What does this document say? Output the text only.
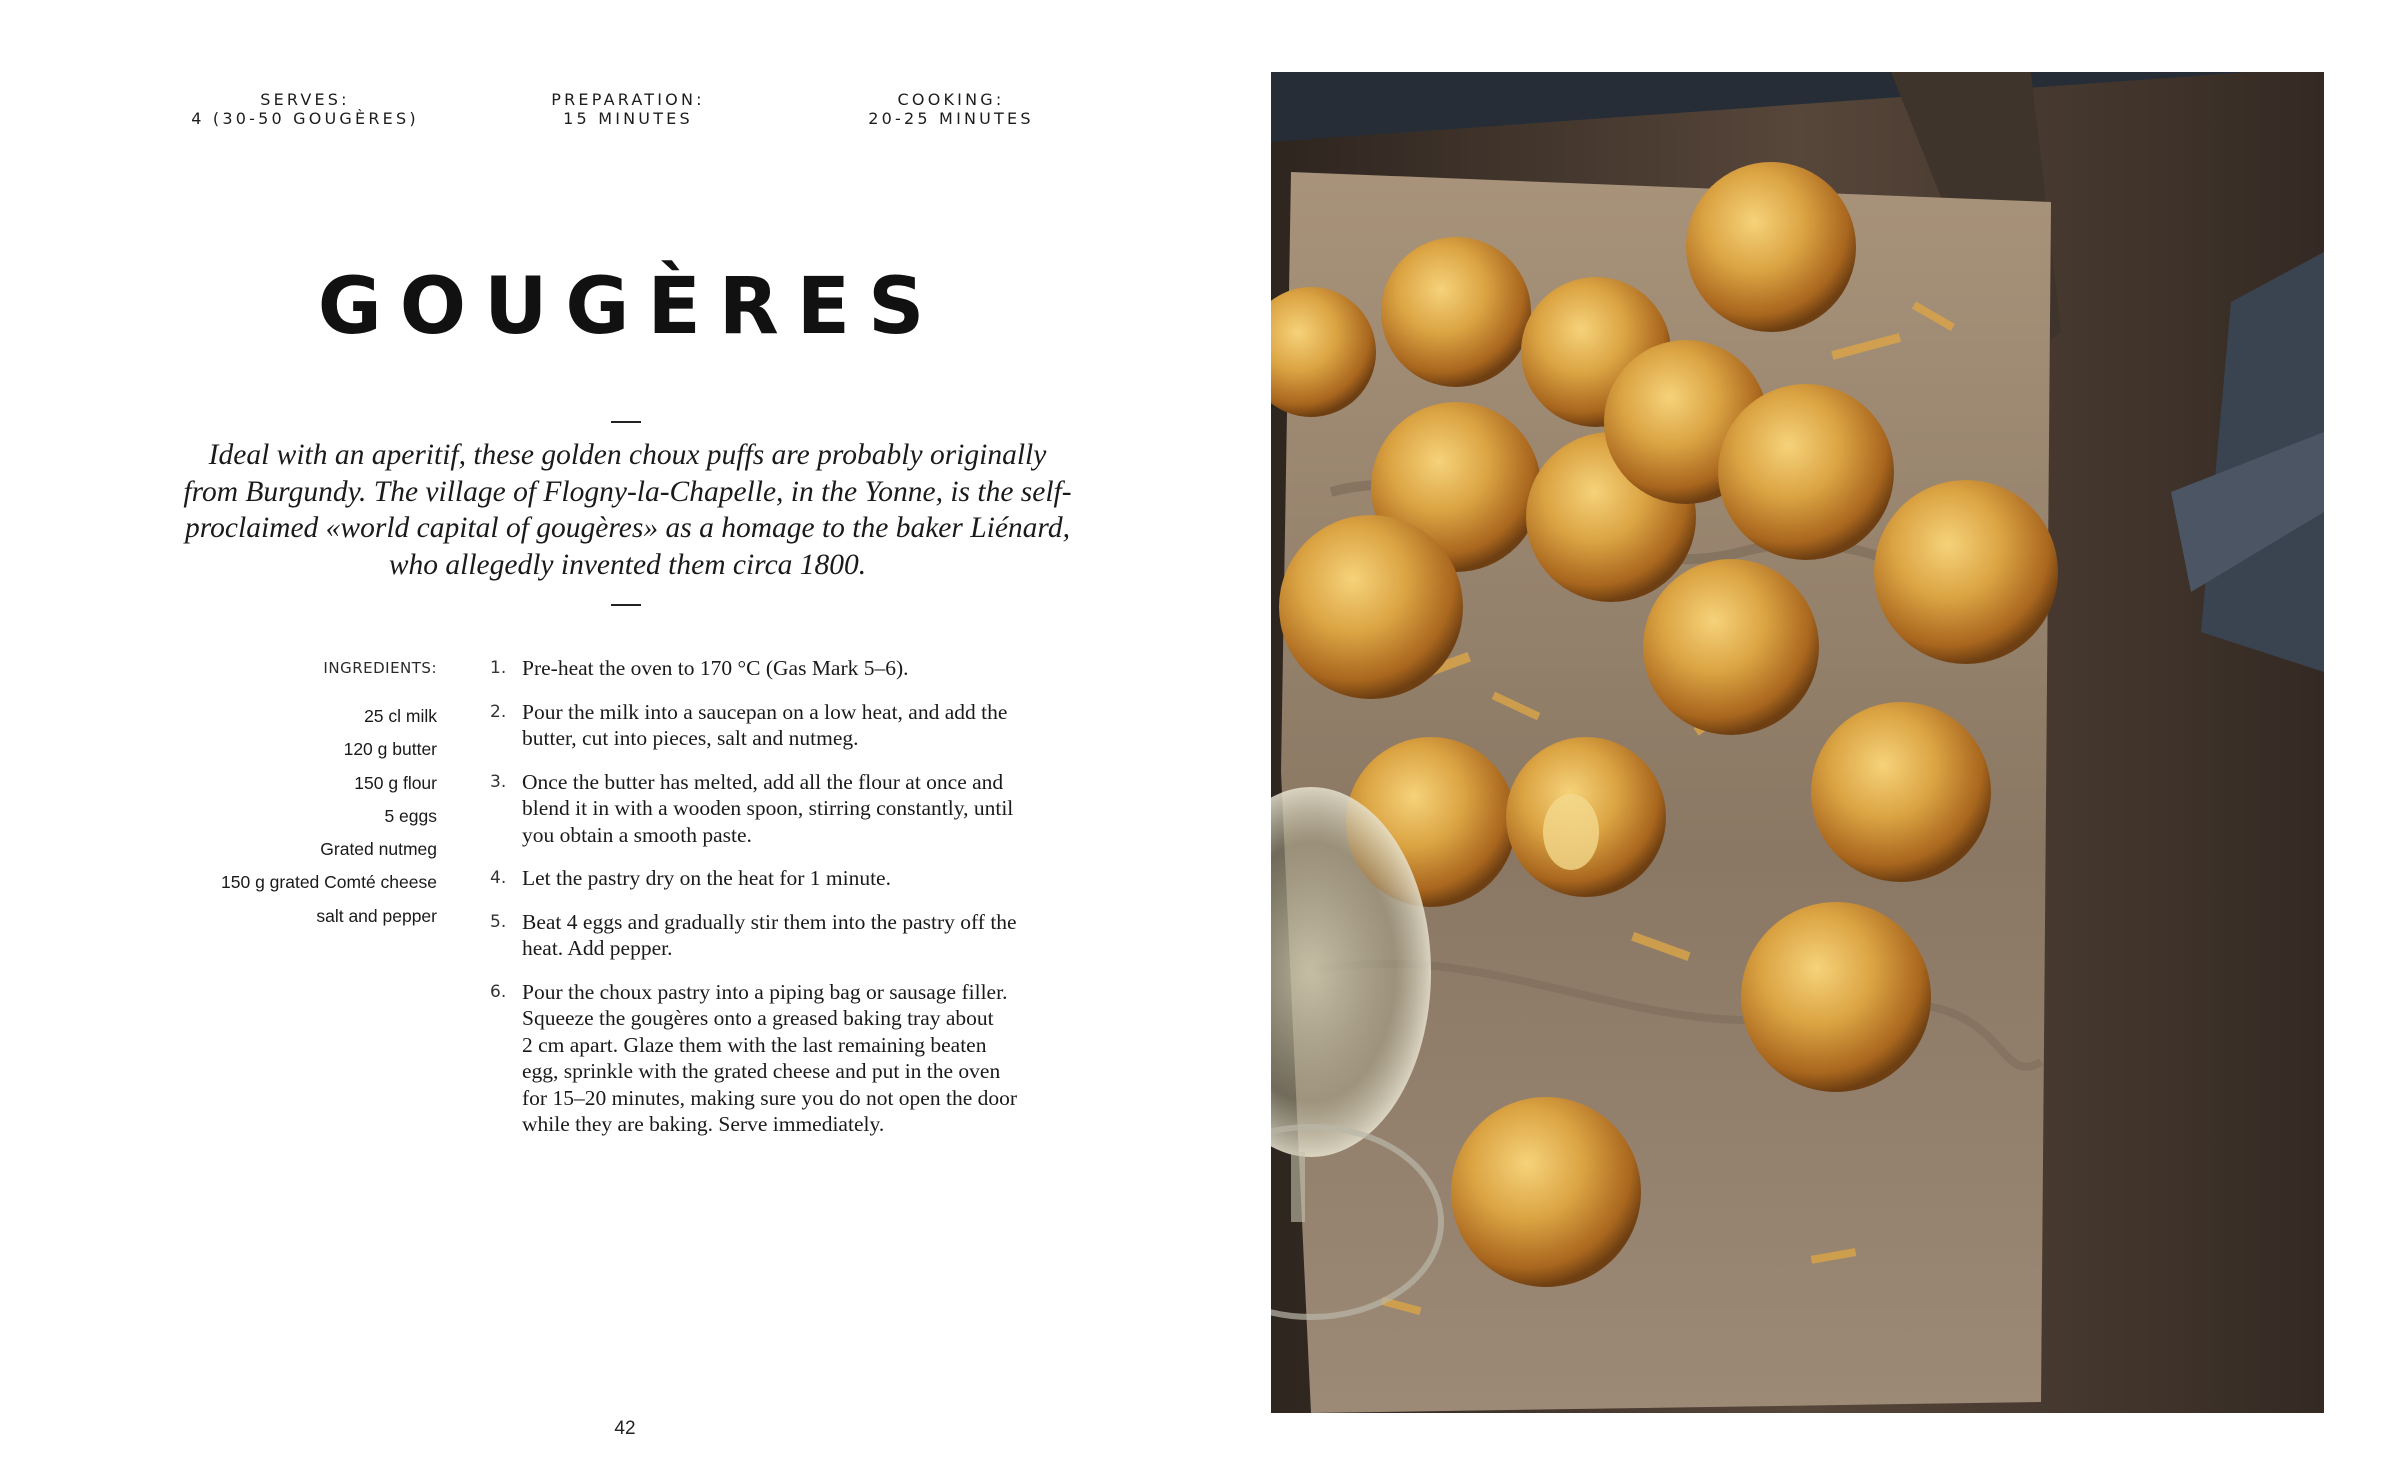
SERVES:
4 (30-50 GOUGÈRES)
PREPARATION:
15 MINUTES
COOKING:
20-25 MINUTES
GOUGÈRES
Ideal with an aperitif, these golden choux puffs are probably originally
from Burgundy. The village of Flogny-la-Chapelle, in the Yonne, is the self-
proclaimed «world capital of gougères» as a homage to the baker Liénard,
who allegedly invented them circa 1800.
INGREDIENTS:
25 cl milk
120 g butter
150 g flour
5 eggs
Grated nutmeg
150 g grated Comté cheese
salt and pepper
1. Pre-heat the oven to 170 °C (Gas Mark 5–6).
2. Pour the milk into a saucepan on a low heat, and add the
butter, cut into pieces, salt and nutmeg.
3. Once the butter has melted, add all the flour at once and
blend it in with a wooden spoon, stirring constantly, until
you obtain a smooth paste.
4. Let the pastry dry on the heat for 1 minute.
5. Beat 4 eggs and gradually stir them into the pastry off the
heat. Add pepper.
6. Pour the choux pastry into a piping bag or sausage filler.
Squeeze the gougères onto a greased baking tray about
2 cm apart. Glaze them with the last remaining beaten
egg, sprinkle with the grated cheese and put in the oven
for 15–20 minutes, making sure you do not open the door
while they are baking. Serve immediately.
42
